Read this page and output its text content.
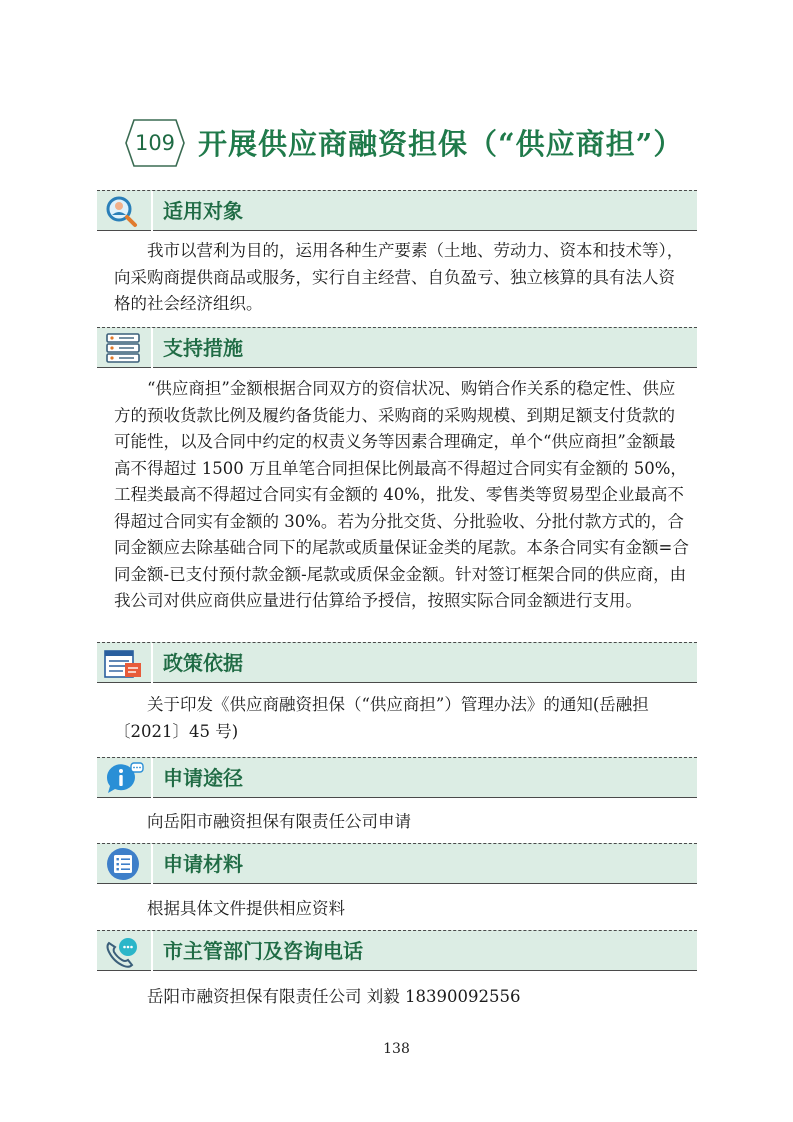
109 开展供应商融资担保（“供应商担”）
适用对象

我市以营利为目的，运用各种生产要素（土地、劳动力、资本和技术等），向采购商提供商品或服务，实行自主经营、自负盈亏、独立核算的具有法人资格的社会经济组织。

支持措施

“供应商担”金额根据合同双方的资信状况、购销合作关系的稳定性、供应方的预收货款比例及履约备货能力、采购商的采购规模、到期足额支付货款的可能性，以及合同中约定的权责义务等因素合理确定，单个“供应商担”金额最高不得超过 1500 万且单笔合同担保比例最高不得超过合同实有金额的 50%，工程类最高不得超过合同实有金额的 40%，批发、零售类等贸易型企业最高不得超过合同实有金额的 30%。若为分批交货、分批验收、分批付款方式的，合同金额应去除基础合同下的尾款或质量保证金类的尾款。本条合同实有金额=合同金额-已支付预付款金额-尾款或质保金金额。针对签订框架合同的供应商，由我公司对供应商供应量进行估算给予授信，按照实际合同金额进行支用。

政策依据

关于印发《供应商融资担保（“供应商担”）管理办法》的通知(岳融担〔2021〕45 号)

申请途径

向岳阳市融资担保有限责任公司申请

申请材料

根据具体文件提供相应资料

市主管部门及咨询电话

岳阳市融资担保有限责任公司 刘毅 18390092556

138
